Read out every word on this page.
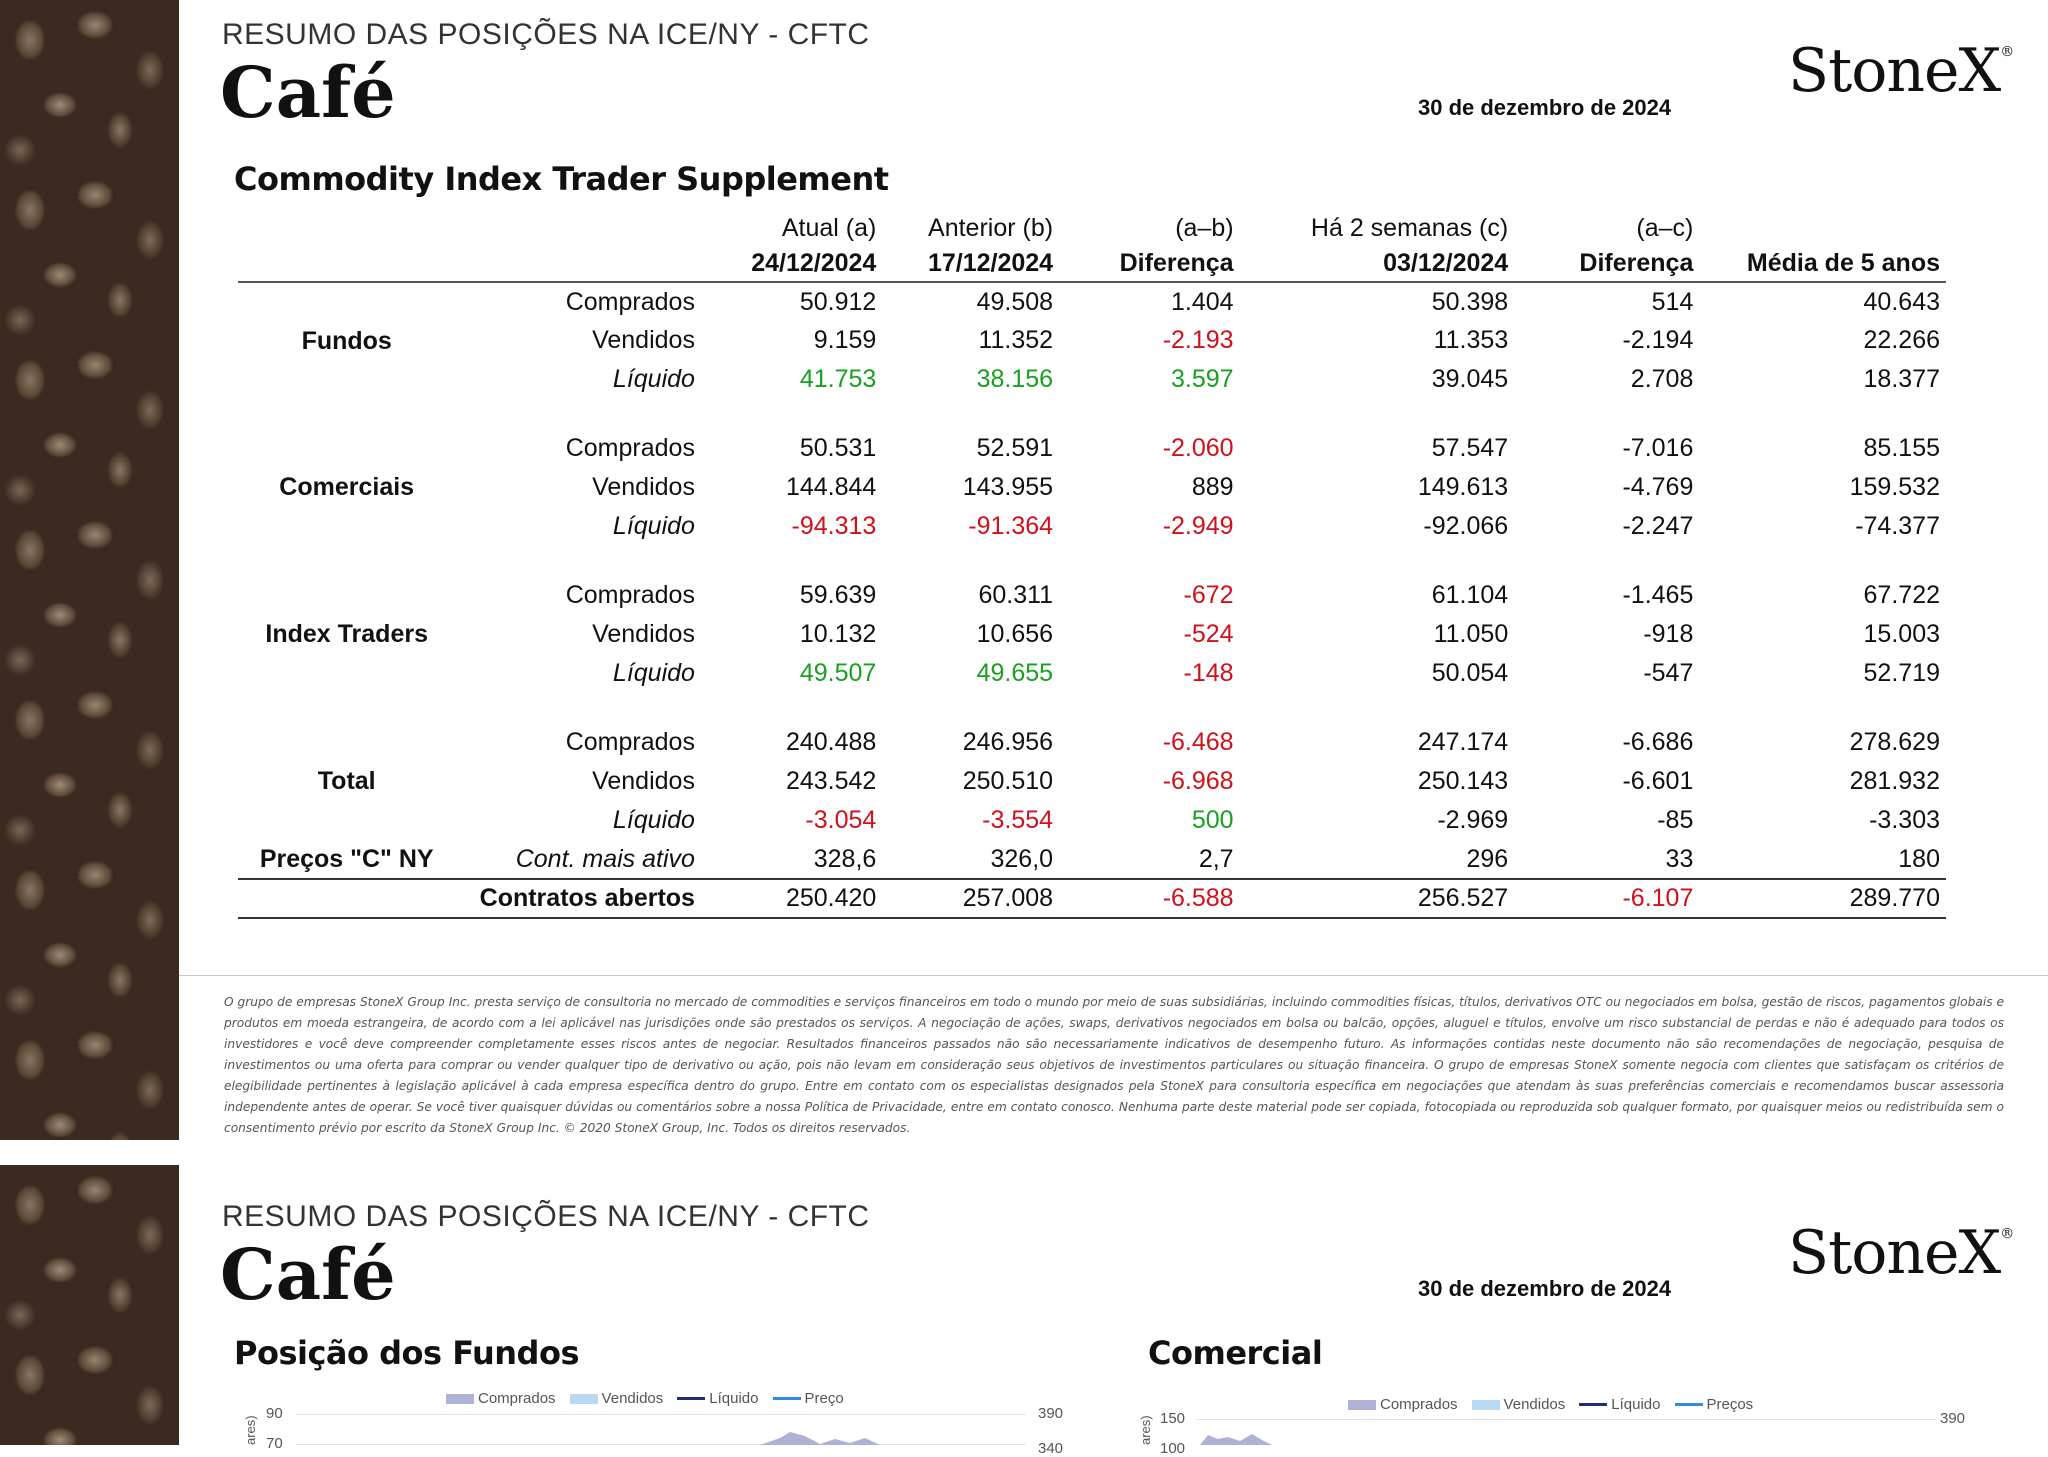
RESUMO DAS POSIÇÕES NA ICE/NY - CFTC
Café	30 de dezembro de 2024
StoneX®
Commodity Index Trader Supplement
		Atual (a)	Anterior (b)	(a–b)	Há 2 semanas (c)	(a–c)	
		24/12/2024	17/12/2024	Diferença	03/12/2024	Diferença	Média de 5 anos
Fundos	Comprados	50.912	49.508	1.404	50.398	514	40.643
	Vendidos	9.159	11.352	-2.193	11.353	-2.194	22.266
	Líquido	41.753	38.156	3.597	39.045	2.708	18.377

Comerciais	Comprados	50.531	52.591	-2.060	57.547	-7.016	85.155
	Vendidos	144.844	143.955	889	149.613	-4.769	159.532
	Líquido	-94.313	-91.364	-2.949	-92.066	-2.247	-74.377

Index Traders	Comprados	59.639	60.311	-672	61.104	-1.465	67.722
	Vendidos	10.132	10.656	-524	11.050	-918	15.003
	Líquido	49.507	49.655	-148	50.054	-547	52.719

Total	Comprados	240.488	246.956	-6.468	247.174	-6.686	278.629
	Vendidos	243.542	250.510	-6.968	250.143	-6.601	281.932
	Líquido	-3.054	-3.554	500	-2.969	-85	-3.303
Preços "C" NY	Cont. mais ativo	328,6	326,0	2,7	296	33	180
Contratos abertos		250.420	257.008	-6.588	256.527	-6.107	289.770
O grupo de empresas StoneX Group Inc. presta serviço de consultoria no mercado de commodities e serviços financeiros em todo o mundo por meio de suas subsidiárias, incluindo commodities físicas, títulos, derivativos OTC ou negociados em bolsa, gestão de riscos, pagamentos globais e produtos em moeda estrangeira, de acordo com a lei aplicável nas jurisdições onde são prestados os serviços. A negociação de ações, swaps, derivativos negociados em bolsa ou balcão, opções, aluguel e títulos, envolve um risco substancial de perdas e não é adequado para todos os investidores e você deve compreender completamente esses riscos antes de negociar. Resultados financeiros passados não são necessariamente indicativos de desempenho futuro. As informações contidas neste documento não são recomendações de negociação, pesquisa de investimentos ou uma oferta para comprar ou vender qualquer tipo de derivativo ou ação, pois não levam em consideração seus objetivos de investimentos particulares ou situação financeira. O grupo de empresas StoneX somente negocia com clientes que satisfaçam os critérios de elegibilidade pertinentes à legislação aplicável à cada empresa específica dentro do grupo. Entre em contato com os especialistas designados pela StoneX para consultoria específica em negociações que atendam às suas preferências comerciais e recomendamos buscar assessoria independente antes de operar. Se você tiver quaisquer dúvidas ou comentários sobre a nossa Política de Privacidade, entre em contato conosco. Nenhuma parte deste material pode ser copiada, fotocopiada ou reproduzida sob qualquer formato, por quaisquer meios ou redistribuída sem o consentimento prévio por escrito da StoneX Group Inc. © 2020 StoneX Group, Inc. Todos os direitos reservados.
RESUMO DAS POSIÇÕES NA ICE/NY - CFTC
Café	30 de dezembro de 2024
StoneX®
Posição dos Fundos
Comprados	Vendidos	Líquido	Preço
90
70
390
340
ares)
Comercial
Comprados	Vendidos	Líquido	Preços
150
100
390
ares)
